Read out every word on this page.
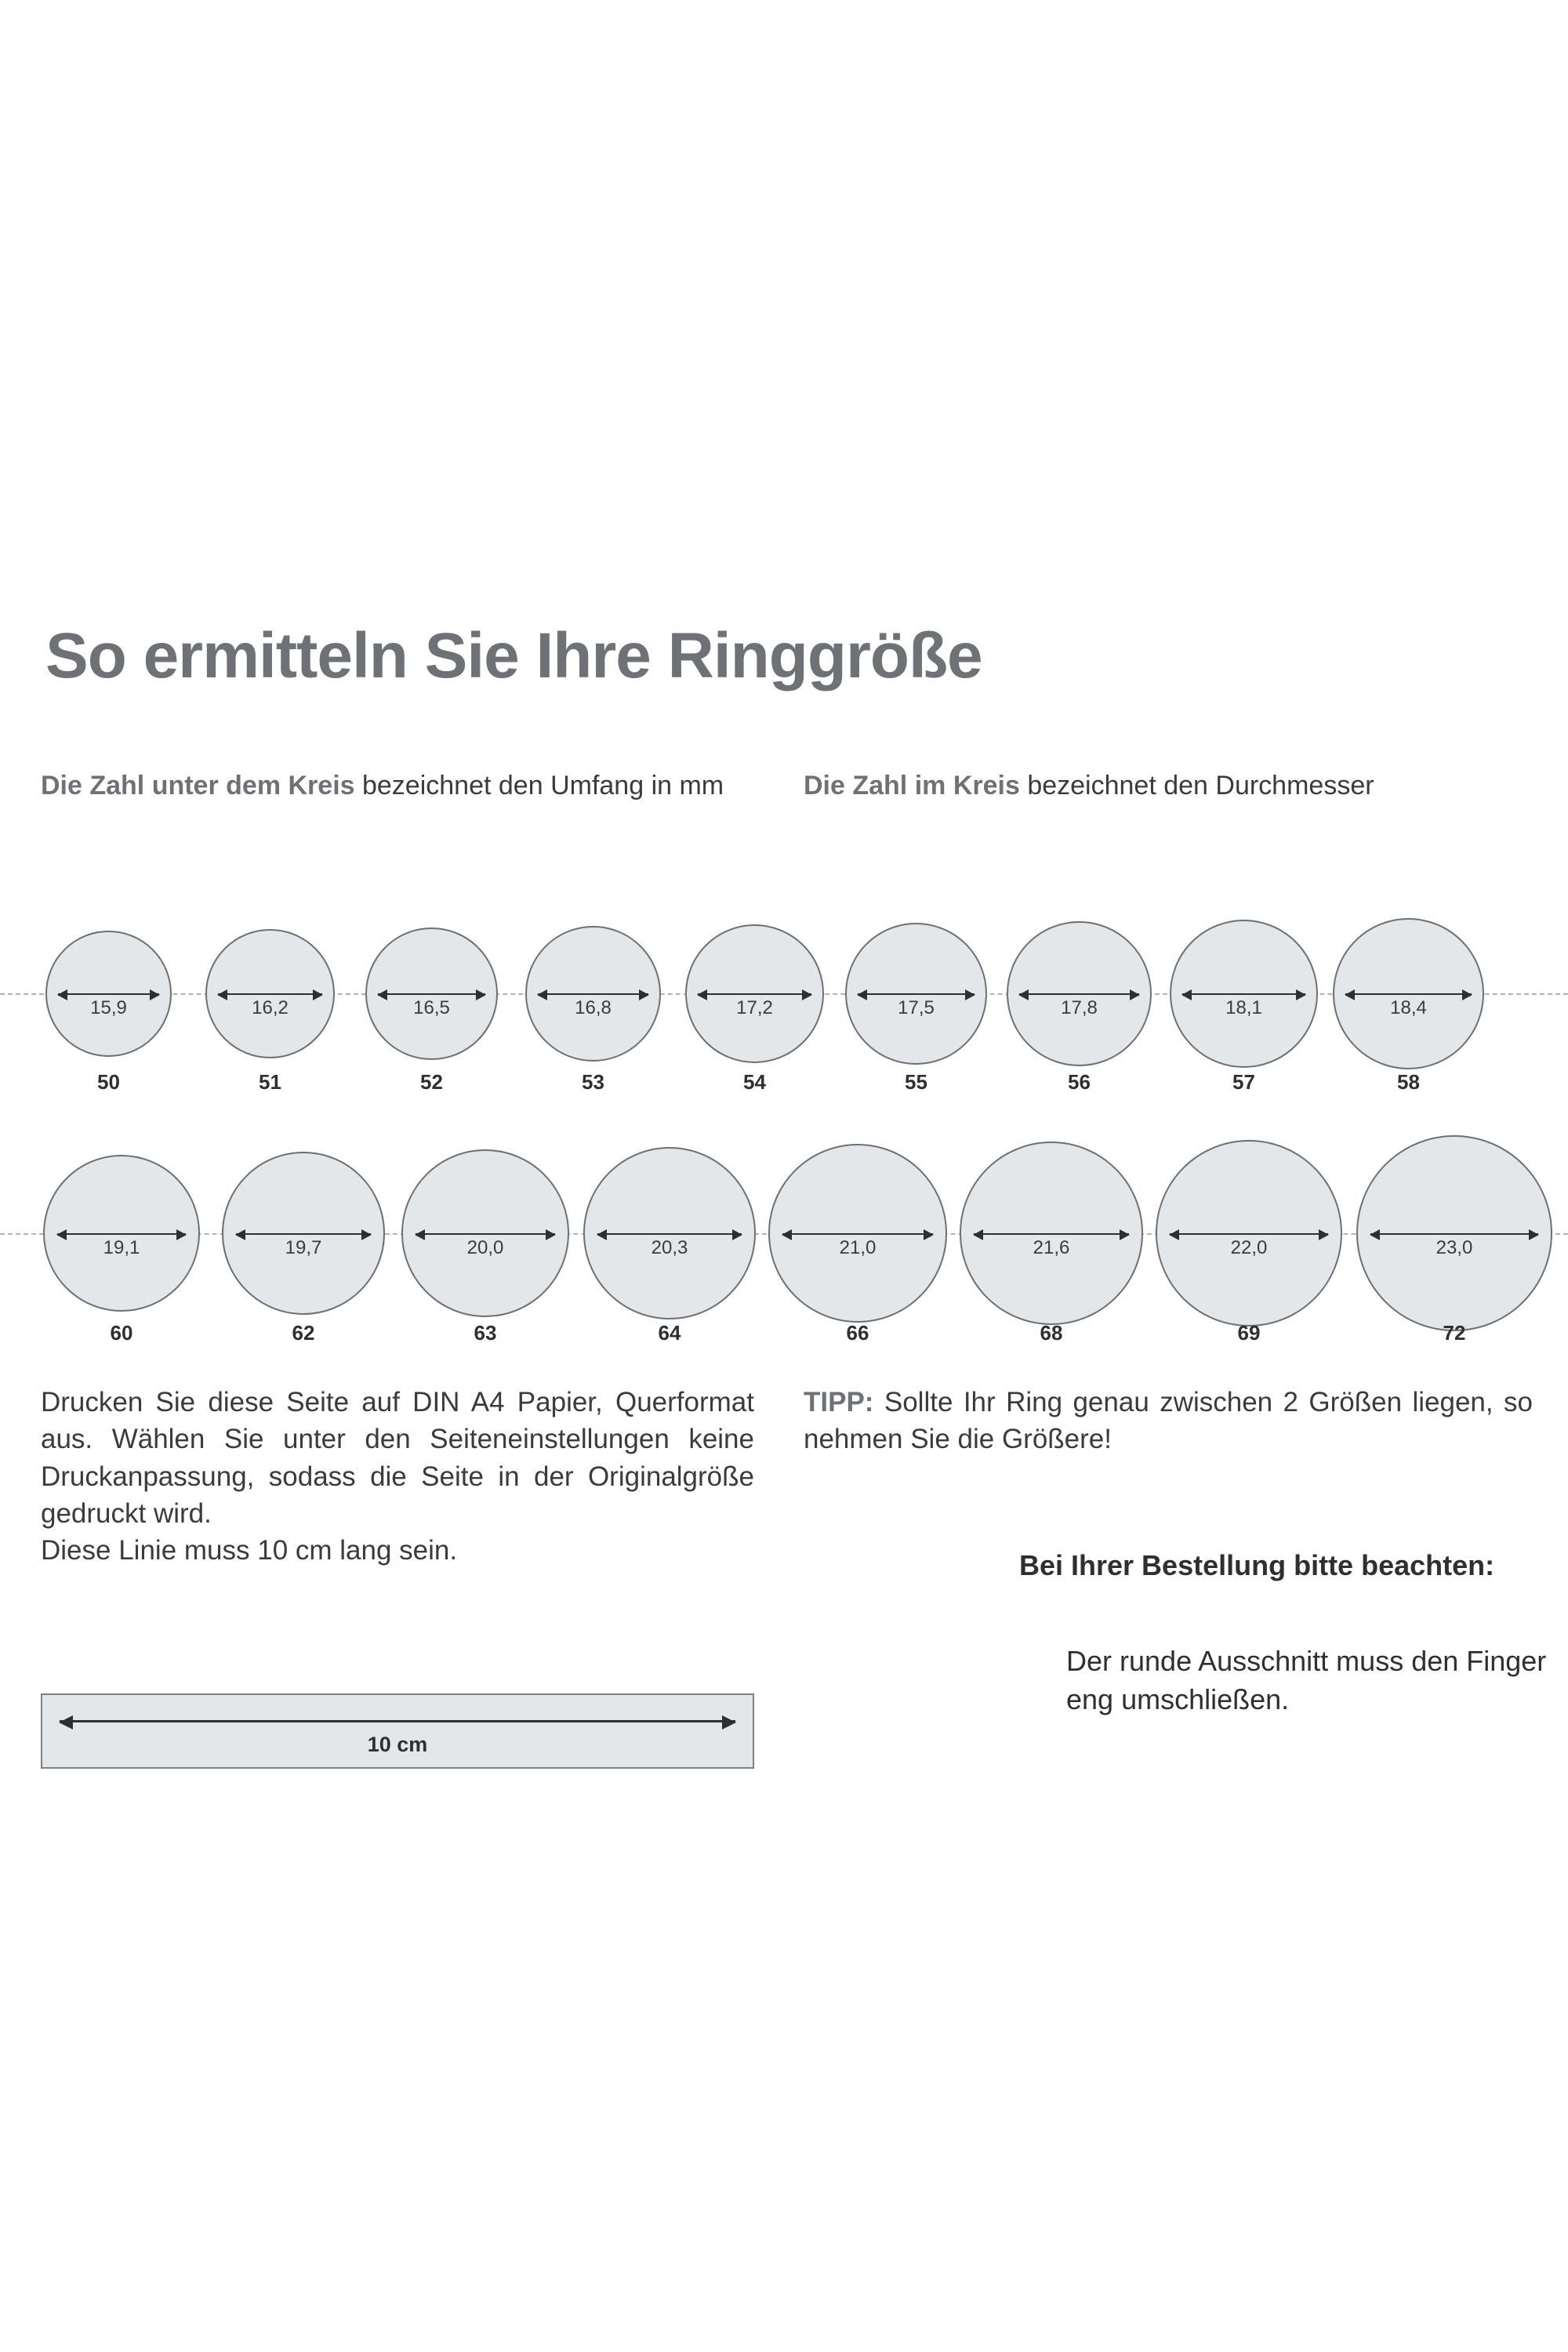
So ermitteln Sie Ihre Ringgröße
Die Zahl unter dem Kreis bezeichnet den Umfang in mm	Die Zahl im Kreis bezeichnet den Durchmesser
15,9
50
16,2
51
16,5
52
16,8
53
17,2
54
17,5
55
17,8
56
18,1
57
18,4
58
19,1
60
19,7
62
20,0
63
20,3
64
21,0
66
21,6
68
22,0
69
23,0
72
Drucken Sie diese Seite auf DIN A4 Papier, Querformat aus. Wählen Sie unter den Seiteneinstellungen keine Druckanpassung, sodass die Seite in der Originalgröße gedruckt wird.
Diese Linie muss 10 cm lang sein.
TIPP: Sollte Ihr Ring genau zwischen 2 Größen liegen, so nehmen Sie die Größere!
Bei Ihrer Bestellung bitte beachten:
Der runde Ausschnitt muss den Finger eng umschließen.
10 cm
